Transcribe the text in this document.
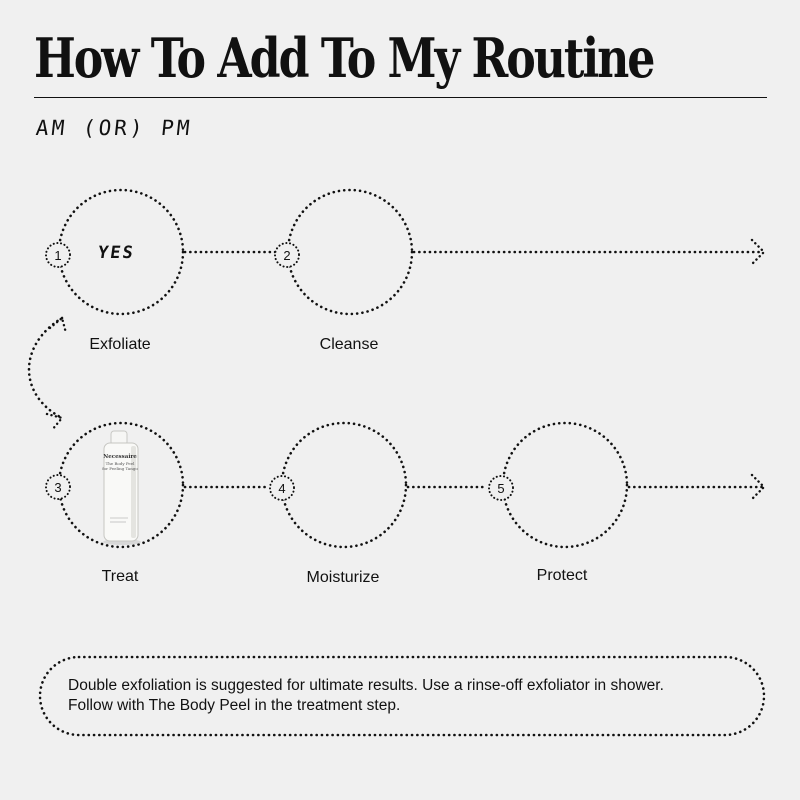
How To Add To My Routine
AM (OR) PM
1	2
3	4	5
Necessaire
The Body Peel
for Peeling Tango
YES
Exfoliate	Cleanse
Treat	Moisturize	Protect
Double exfoliation is suggested for ultimate results. Use a rinse-off exfoliator in shower.
Follow with The Body Peel in the treatment step.
